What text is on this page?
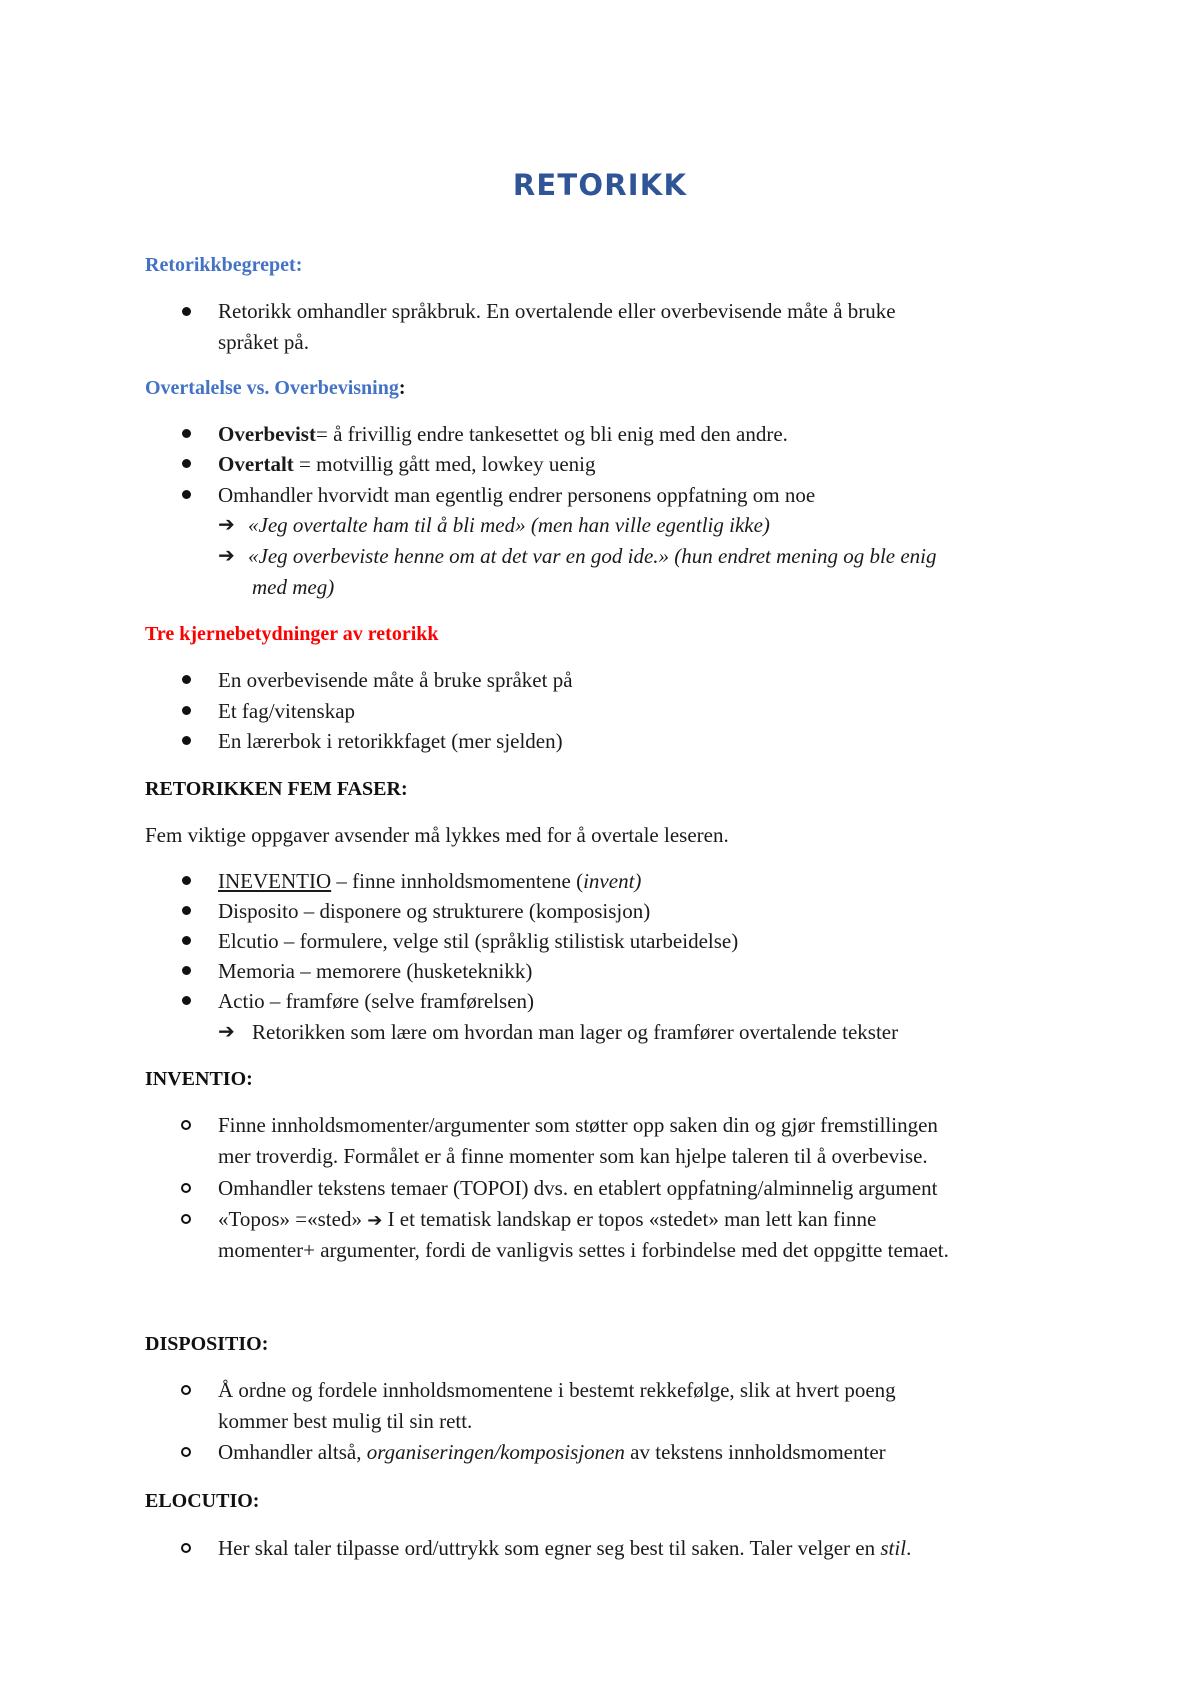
RETORIKK
Retorikkbegrepet:
Retorikk omhandler språkbruk. En overtalende eller overbevisende måte å bruke
språket på.
Overtalelse vs. Overbevisning:
Overbevist= å frivillig endre tankesettet og bli enig med den andre.
Overtalt = motvillig gått med, lowkey uenig
Omhandler hvorvidt man egentlig endrer personens oppfatning om noe
➔ «Jeg overtalte ham til å bli med» (men han ville egentlig ikke)
➔ «Jeg overbeviste henne om at det var en god ide.» (hun endret mening og ble enig
med meg)
Tre kjernebetydninger av retorikk
En overbevisende måte å bruke språket på
Et fag/vitenskap
En lærerbok i retorikkfaget (mer sjelden)
RETORIKKEN FEM FASER:
Fem viktige oppgaver avsender må lykkes med for å overtale leseren.
INEVENTIO – finne innholdsmomentene (invent)
Disposito – disponere og strukturere (komposisjon)
Elcutio – formulere, velge stil (språklig stilistisk utarbeidelse)
Memoria – memorere (husketeknikk)
Actio – framføre (selve framførelsen)
➔ Retorikken som lære om hvordan man lager og framfører overtalende tekster
INVENTIO:
Finne innholdsmomenter/argumenter som støtter opp saken din og gjør fremstillingen
mer troverdig. Formålet er å finne momenter som kan hjelpe taleren til å overbevise.
Omhandler tekstens temaer (TOPOI) dvs. en etablert oppfatning/alminnelig argument
«Topos» =«sted» ➔ I et tematisk landskap er topos «stedet» man lett kan finne
momenter+ argumenter, fordi de vanligvis settes i forbindelse med det oppgitte temaet.
DISPOSITIO:
Å ordne og fordele innholdsmomentene i bestemt rekkefølge, slik at hvert poeng
kommer best mulig til sin rett.
Omhandler altså, organiseringen/komposisjonen av tekstens innholdsmomenter
ELOCUTIO:
Her skal taler tilpasse ord/uttrykk som egner seg best til saken. Taler velger en stil.
